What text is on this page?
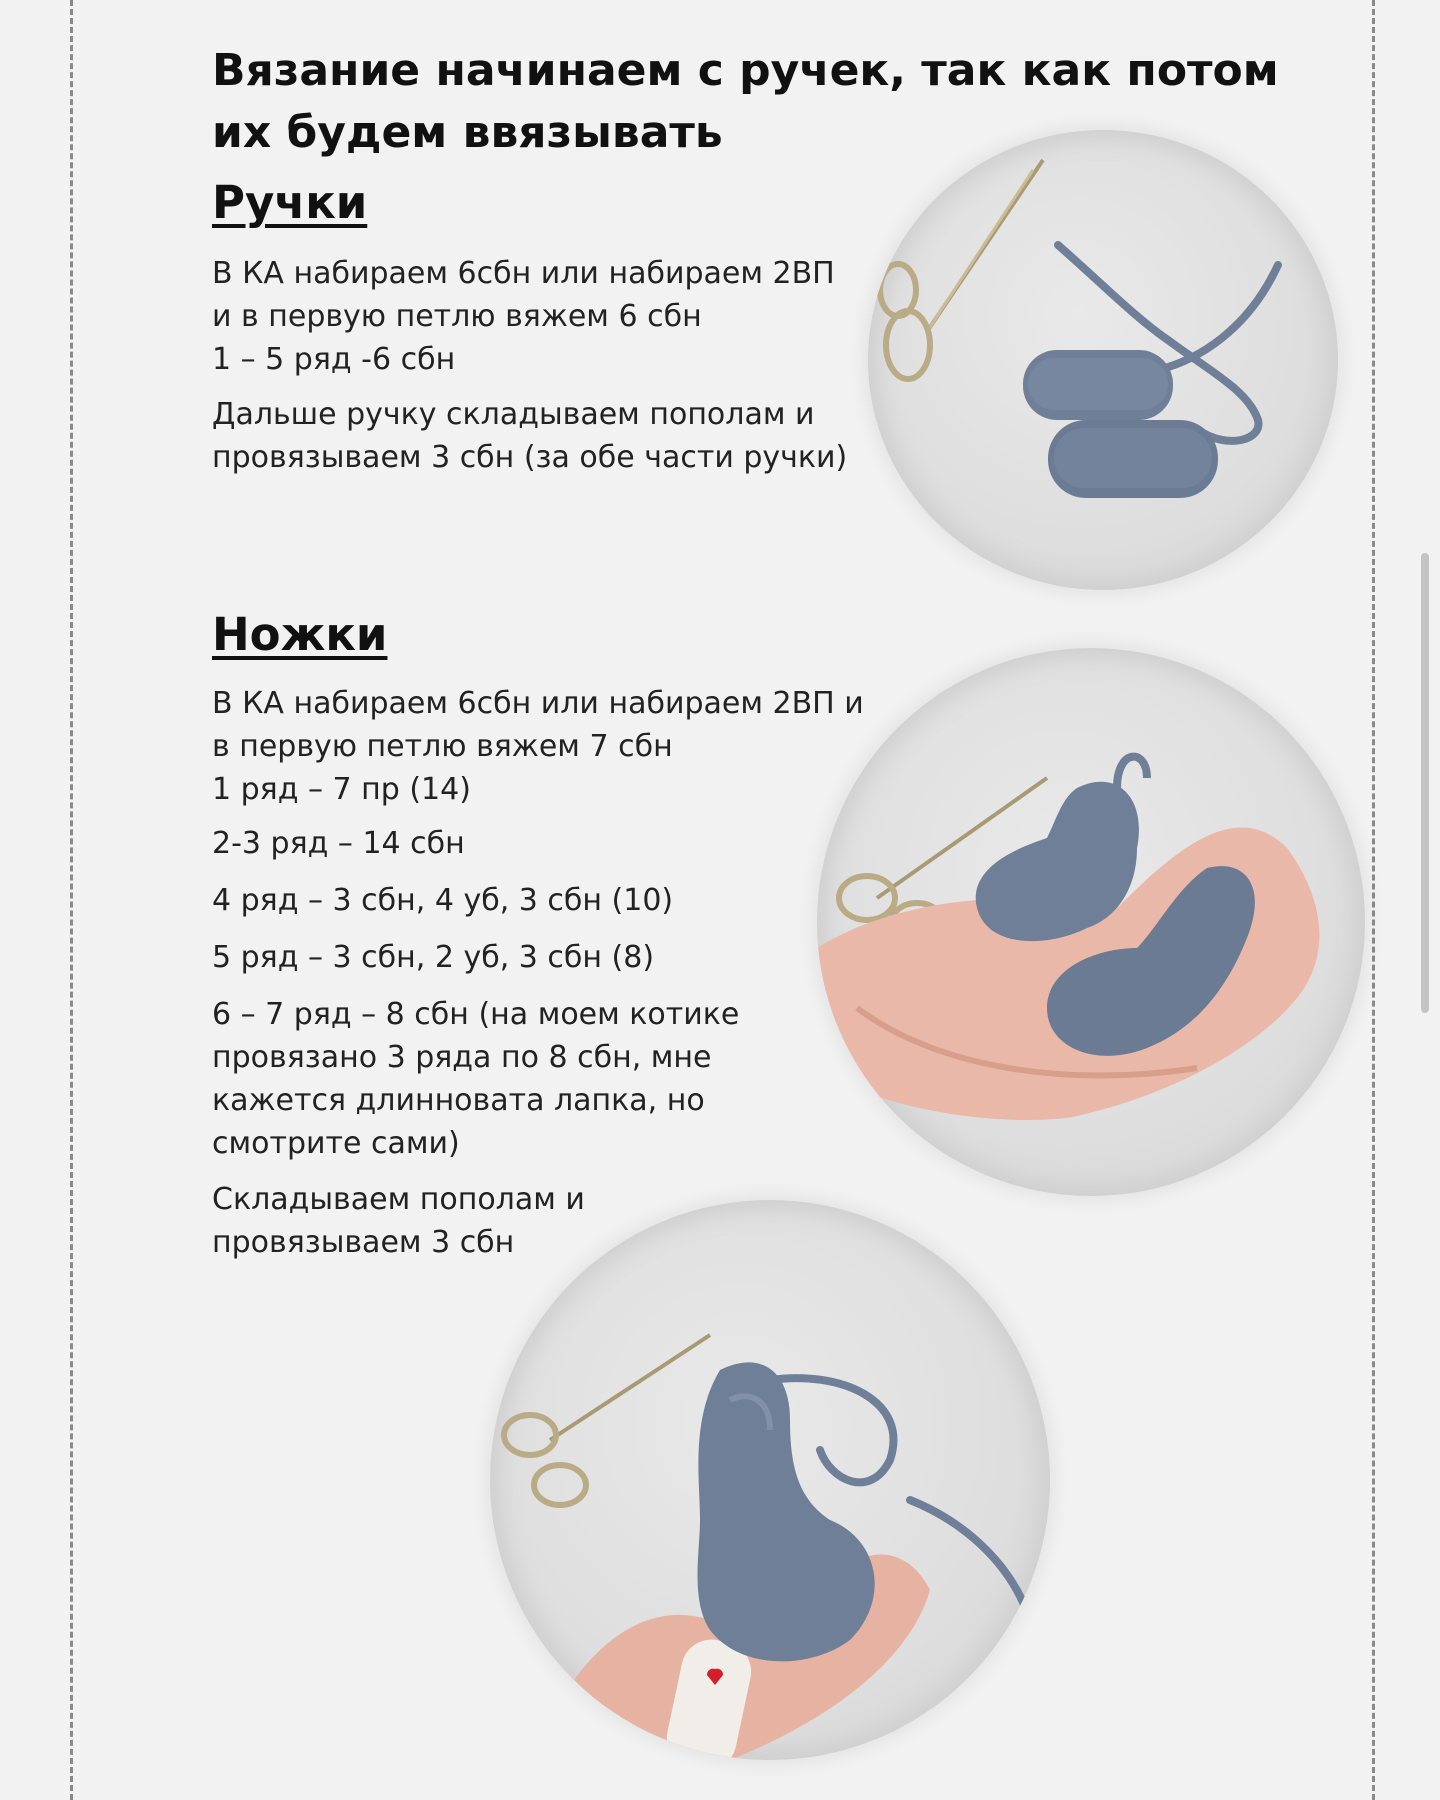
Вязание начинаем с ручек, так как потом их будем ввязывать
Ручки

В КА набираем 6сбн или набираем 2ВП
и в первую петлю вяжем 6 сбн
1 – 5 ряд -6 сбн

Дальше ручку складываем пополам и
провязываем 3 сбн (за обе части ручки)

Ножки

В КА набираем 6сбн или набираем 2ВП и
в первую петлю вяжем 7 сбн
1 ряд – 7 пр (14)

2-3 ряд – 14 сбн

4 ряд – 3 сбн, 4 уб, 3 сбн (10)

5 ряд – 3 сбн, 2 уб, 3 сбн (8)

6 – 7 ряд – 8 сбн (на моем котике
провязано 3 ряда по 8 сбн, мне
кажется длинновата лапка, но
смотрите сами)

Складываем пополам и
провязываем 3 сбн
